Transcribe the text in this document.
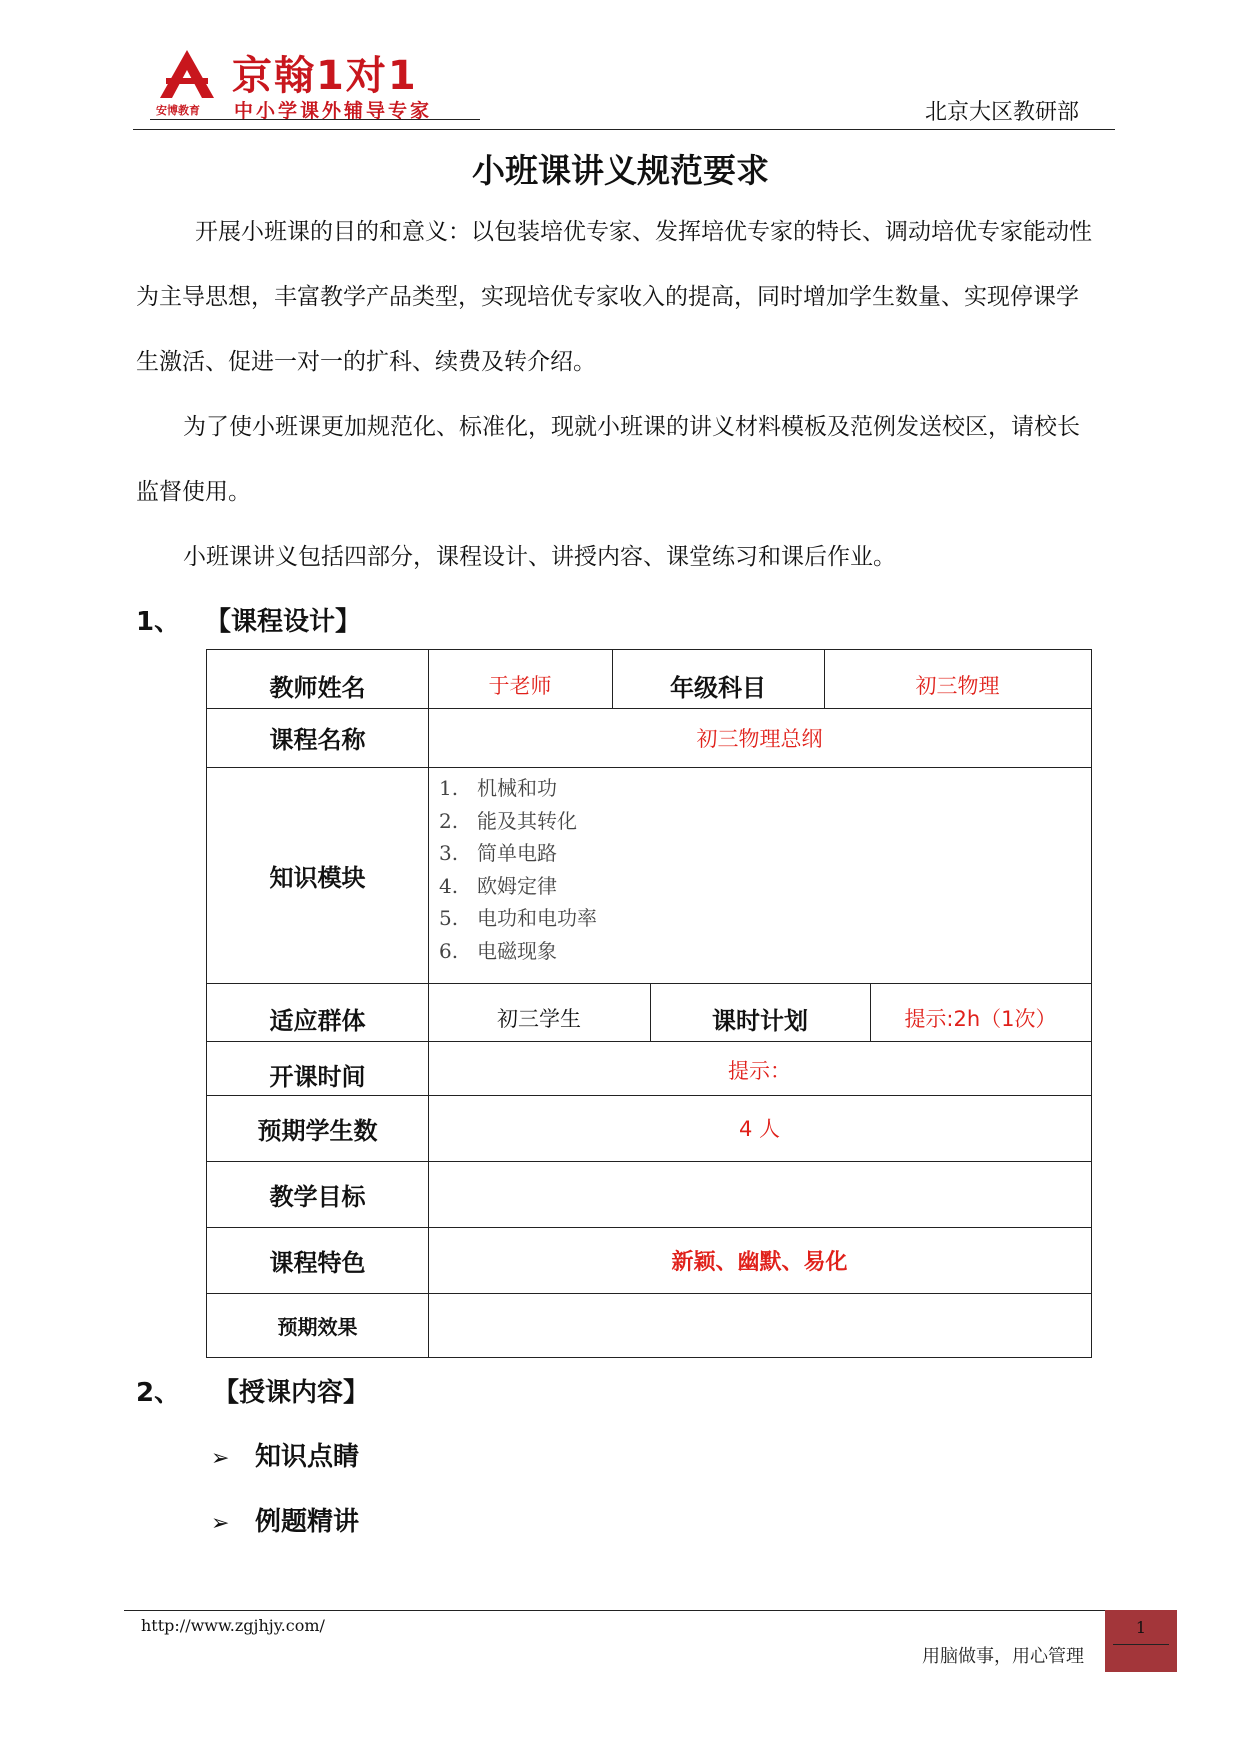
京翰1对1
安博教育 中小学课外辅导专家	北京大区教研部
小班课讲义规范要求
开展小班课的目的和意义：以包装培优专家、发挥培优专家的特长、调动培优专家能动性
为主导思想，丰富教学产品类型，实现培优专家收入的提高，同时增加学生数量、实现停课学
生激活、促进一对一的扩科、续费及转介绍。
为了使小班课更加规范化、标准化，现就小班课的讲义材料模板及范例发送校区，请校长
监督使用。
小班课讲义包括四部分，课程设计、讲授内容、课堂练习和课后作业。
1、 【课程设计】
教师姓名	于老师	年级科目	初三物理
课程名称	初三物理总纲
知识模块
1. 机械和功
2. 能及其转化
3. 简单电路
4. 欧姆定律
5. 电功和电功率
6. 电磁现象
适应群体	初三学生	课时计划	提示:2h（1次）
开课时间	提示：
预期学生数	4 人
教学目标
课程特色	新颖、幽默、易化
预期效果
2、 【授课内容】
➢ 知识点睛
➢ 例题精讲
http://www.zgjhjy.com/
用脑做事，用心管理
1
